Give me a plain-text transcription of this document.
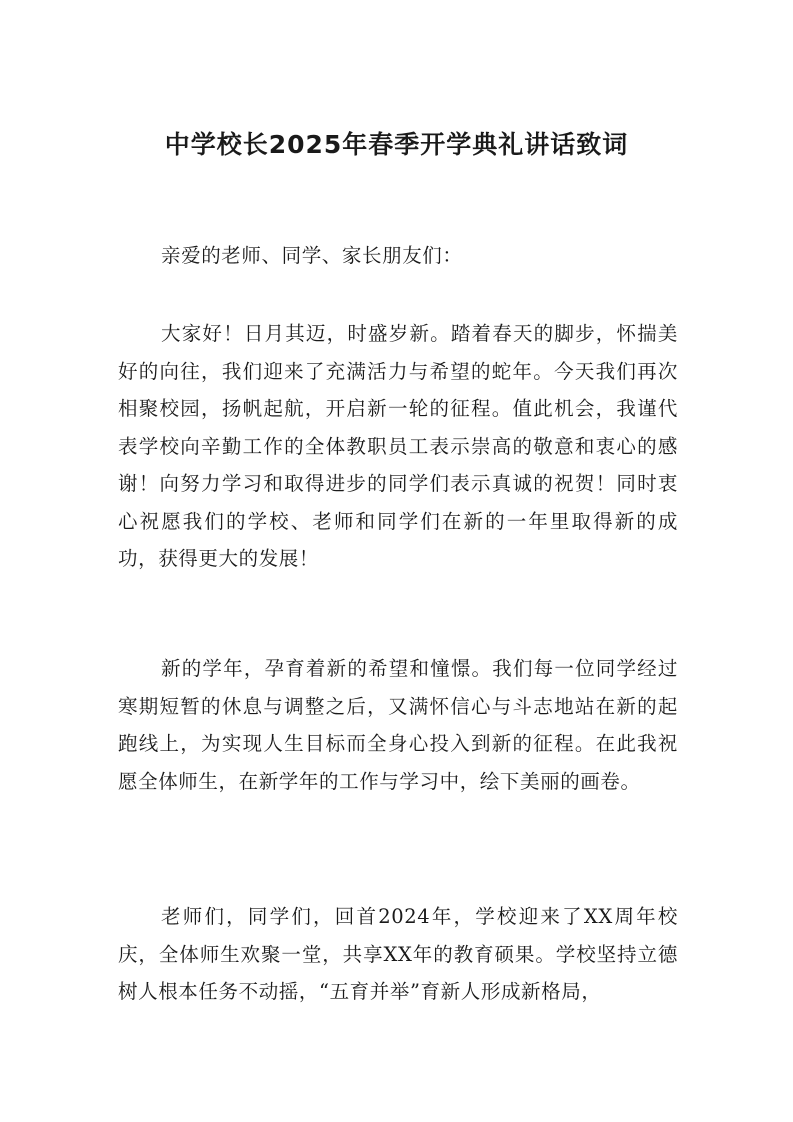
中学校长2025年春季开学典礼讲话致词

亲爱的老师、同学、家长朋友们：

大家好！日月其迈，时盛岁新。踏着春天的脚步，怀揣美好的向往，我们迎来了充满活力与希望的蛇年。今天我们再次相聚校园，扬帆起航，开启新一轮的征程。值此机会，我谨代表学校向辛勤工作的全体教职员工表示崇高的敬意和衷心的感谢！向努力学习和取得进步的同学们表示真诚的祝贺！同时衷心祝愿我们的学校、老师和同学们在新的一年里取得新的成功，获得更大的发展！

新的学年，孕育着新的希望和憧憬。我们每一位同学经过寒期短暂的休息与调整之后，又满怀信心与斗志地站在新的起跑线上，为实现人生目标而全身心投入到新的征程。在此我祝愿全体师生，在新学年的工作与学习中，绘下美丽的画卷。

老师们，同学们，回首2024年，学校迎来了XX周年校庆，全体师生欢聚一堂，共享XX年的教育硕果。学校坚持立德树人根本任务不动摇，“五育并举”育新人形成新格局，
